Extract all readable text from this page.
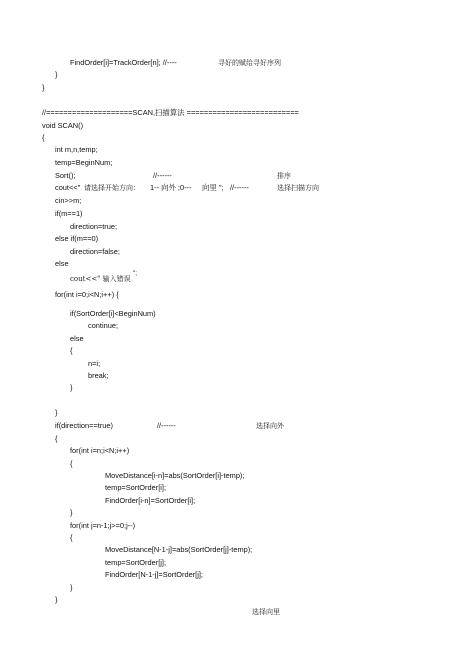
FindOrder[i]=TrackOrder[n]; //----	寻好的赋给寻好序列
}
}
//====================SCAN,扫描算法 ==========================
void SCAN()
{
int m,n,temp;
temp=BeginNum;
Sort();	//------	排序
cout<<" 请选择开始方向： 1-- 向外 ;0--- 向里 "; //------	选择扫描方向
cin>>m;
if(m==1)
direction=true;
else if(m==0)
direction=false;
else
cout<<" 输入错误
";
for(int i=0;i<N;i++) {
if(SortOrder[i]<BeginNum)
continue;
else
{
n=i;
break;
}
}
if(direction==true)	//------	选择向外
{
for(int i=n;i<N;i++)
{
MoveDistance[i-n]=abs(SortOrder[i]-temp);
temp=SortOrder[i];
FindOrder[i-n]=SortOrder[i];
}
for(int j=n-1;j>=0;j--)
{
MoveDistance[N-1-j]=abs(SortOrder[j]-temp);
temp=SortOrder[j];
FindOrder[N-1-j]=SortOrder[j];
}
}
选择向里
